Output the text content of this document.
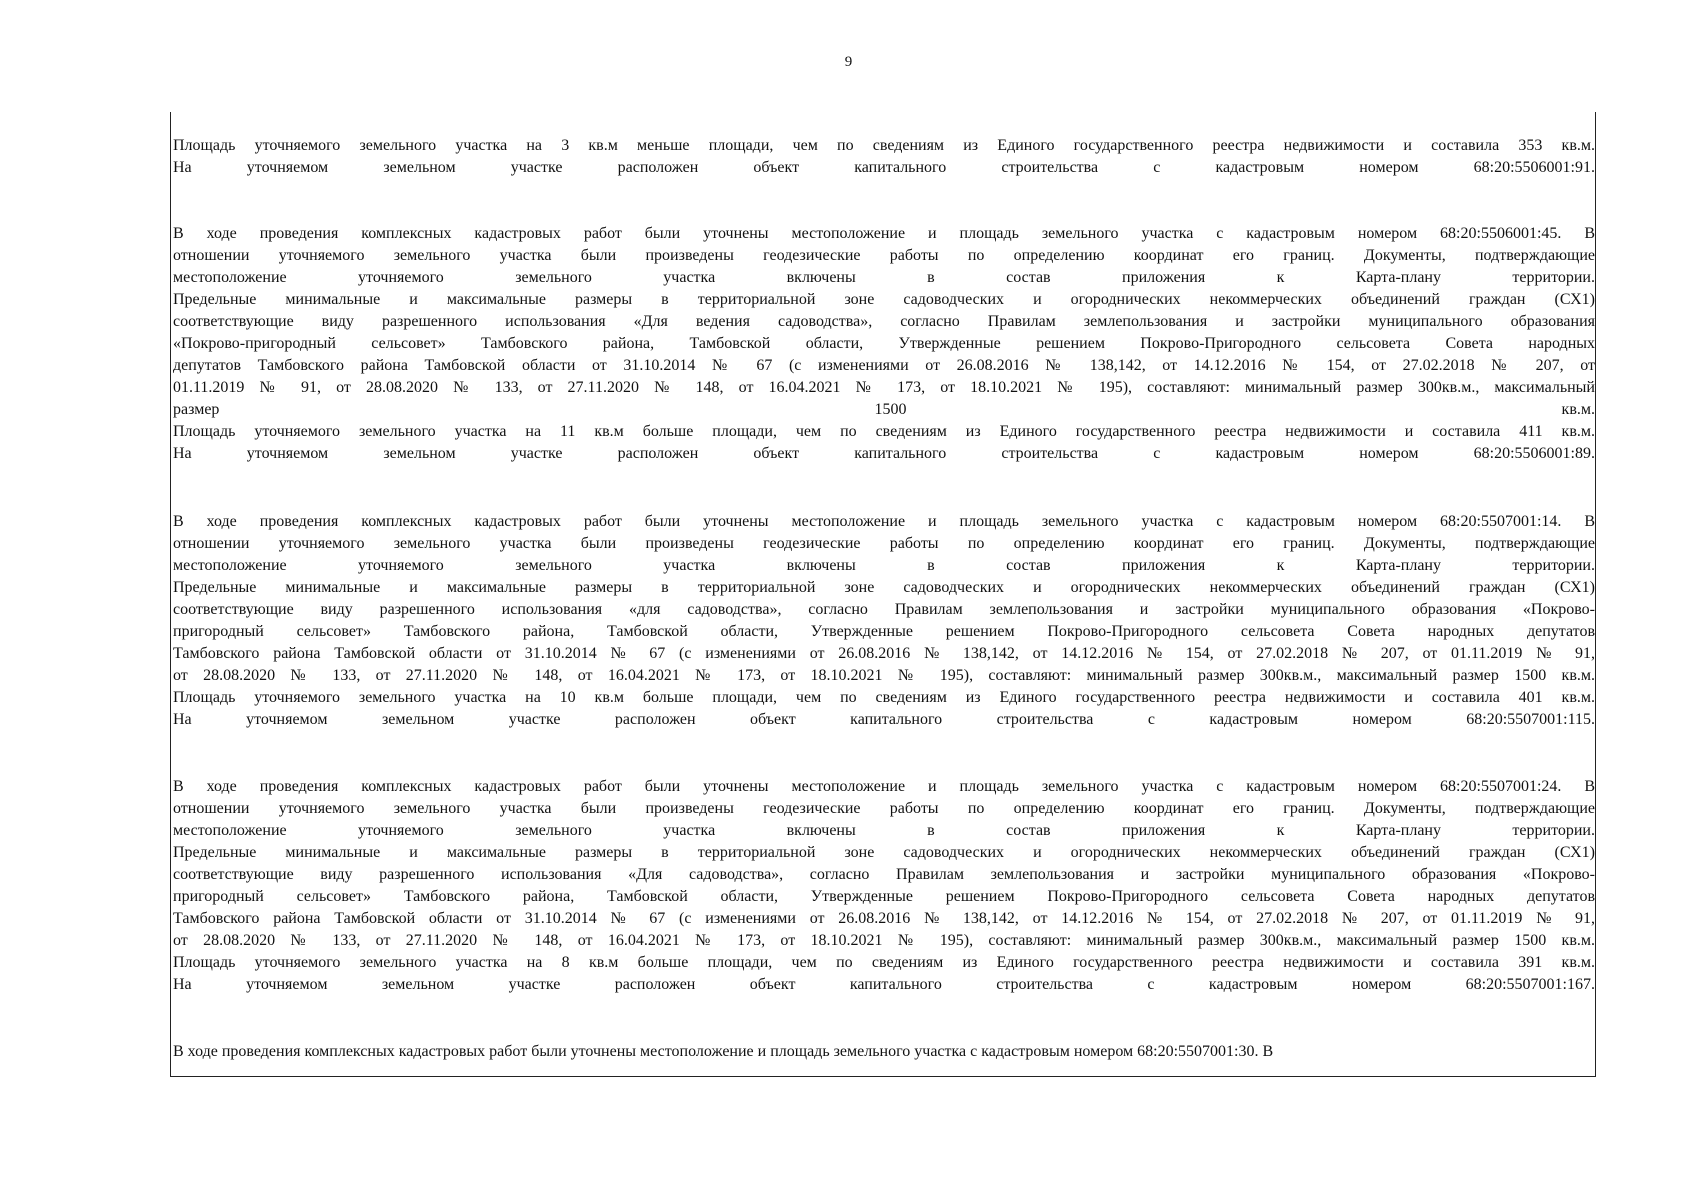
9
Площадь уточняемого земельного участка на 3 кв.м меньше площади, чем по сведениям из Единого государственного реестра недвижимости и составила 353 кв.м.
На уточняемом земельном участке расположен объект капитального строительства с кадастровым номером 68:20:5506001:91.
В ходе проведения комплексных кадастровых работ были уточнены местоположение и площадь земельного участка с кадастровым номером 68:20:5506001:45. В
отношении уточняемого земельного участка были произведены геодезические работы по определению координат его границ. Документы, подтверждающие
местоположение уточняемого земельного участка включены в состав приложения к Карта-плану территории.
Предельные минимальные и максимальные размеры в территориальной зоне садоводческих и огороднических некоммерческих объединений граждан (СХ1)
соответствующие виду разрешенного использования «Для ведения садоводства», согласно Правилам землепользования и застройки муниципального образования
«Покрово-пригородный сельсовет» Тамбовского района, Тамбовской области, Утвержденные решением Покрово-Пригородного сельсовета Совета народных
депутатов Тамбовского района Тамбовской области от 31.10.2014 № 67 (с изменениями от 26.08.2016 № 138,142, от 14.12.2016 № 154, от 27.02.2018 № 207, от
01.11.2019 № 91, от 28.08.2020 № 133, от 27.11.2020 № 148, от 16.04.2021 № 173, от 18.10.2021 № 195), составляют: минимальный размер 300кв.м., максимальный
размер 1500 кв.м.
Площадь уточняемого земельного участка на 11 кв.м больше площади, чем по сведениям из Единого государственного реестра недвижимости и составила 411 кв.м.
На уточняемом земельном участке расположен объект капитального строительства с кадастровым номером 68:20:5506001:89.
В ходе проведения комплексных кадастровых работ были уточнены местоположение и площадь земельного участка с кадастровым номером 68:20:5507001:14. В
отношении уточняемого земельного участка были произведены геодезические работы по определению координат его границ. Документы, подтверждающие
местоположение уточняемого земельного участка включены в состав приложения к Карта-плану территории.
Предельные минимальные и максимальные размеры в территориальной зоне садоводческих и огороднических некоммерческих объединений граждан (СХ1)
соответствующие виду разрешенного использования «для садоводства», согласно Правилам землепользования и застройки муниципального образования «Покрово-
пригородный сельсовет» Тамбовского района, Тамбовской области, Утвержденные решением Покрово-Пригородного сельсовета Совета народных депутатов
Тамбовского района Тамбовской области от 31.10.2014 № 67 (с изменениями от 26.08.2016 № 138,142, от 14.12.2016 № 154, от 27.02.2018 № 207, от 01.11.2019 № 91,
от 28.08.2020 № 133, от 27.11.2020 № 148, от 16.04.2021 № 173, от 18.10.2021 № 195), составляют: минимальный размер 300кв.м., максимальный размер 1500 кв.м.
Площадь уточняемого земельного участка на 10 кв.м больше площади, чем по сведениям из Единого государственного реестра недвижимости и составила 401 кв.м.
На уточняемом земельном участке расположен объект капитального строительства с кадастровым номером 68:20:5507001:115.
В ходе проведения комплексных кадастровых работ были уточнены местоположение и площадь земельного участка с кадастровым номером 68:20:5507001:24. В
отношении уточняемого земельного участка были произведены геодезические работы по определению координат его границ. Документы, подтверждающие
местоположение уточняемого земельного участка включены в состав приложения к Карта-плану территории.
Предельные минимальные и максимальные размеры в территориальной зоне садоводческих и огороднических некоммерческих объединений граждан (СХ1)
соответствующие виду разрешенного использования «Для садоводства», согласно Правилам землепользования и застройки муниципального образования «Покрово-
пригородный сельсовет» Тамбовского района, Тамбовской области, Утвержденные решением Покрово-Пригородного сельсовета Совета народных депутатов
Тамбовского района Тамбовской области от 31.10.2014 № 67 (с изменениями от 26.08.2016 № 138,142, от 14.12.2016 № 154, от 27.02.2018 № 207, от 01.11.2019 № 91,
от 28.08.2020 № 133, от 27.11.2020 № 148, от 16.04.2021 № 173, от 18.10.2021 № 195), составляют: минимальный размер 300кв.м., максимальный размер 1500 кв.м.
Площадь уточняемого земельного участка на 8 кв.м больше площади, чем по сведениям из Единого государственного реестра недвижимости и составила 391 кв.м.
На уточняемом земельном участке расположен объект капитального строительства с кадастровым номером 68:20:5507001:167.
В ходе проведения комплексных кадастровых работ были уточнены местоположение и площадь земельного участка с кадастровым номером 68:20:5507001:30. В
